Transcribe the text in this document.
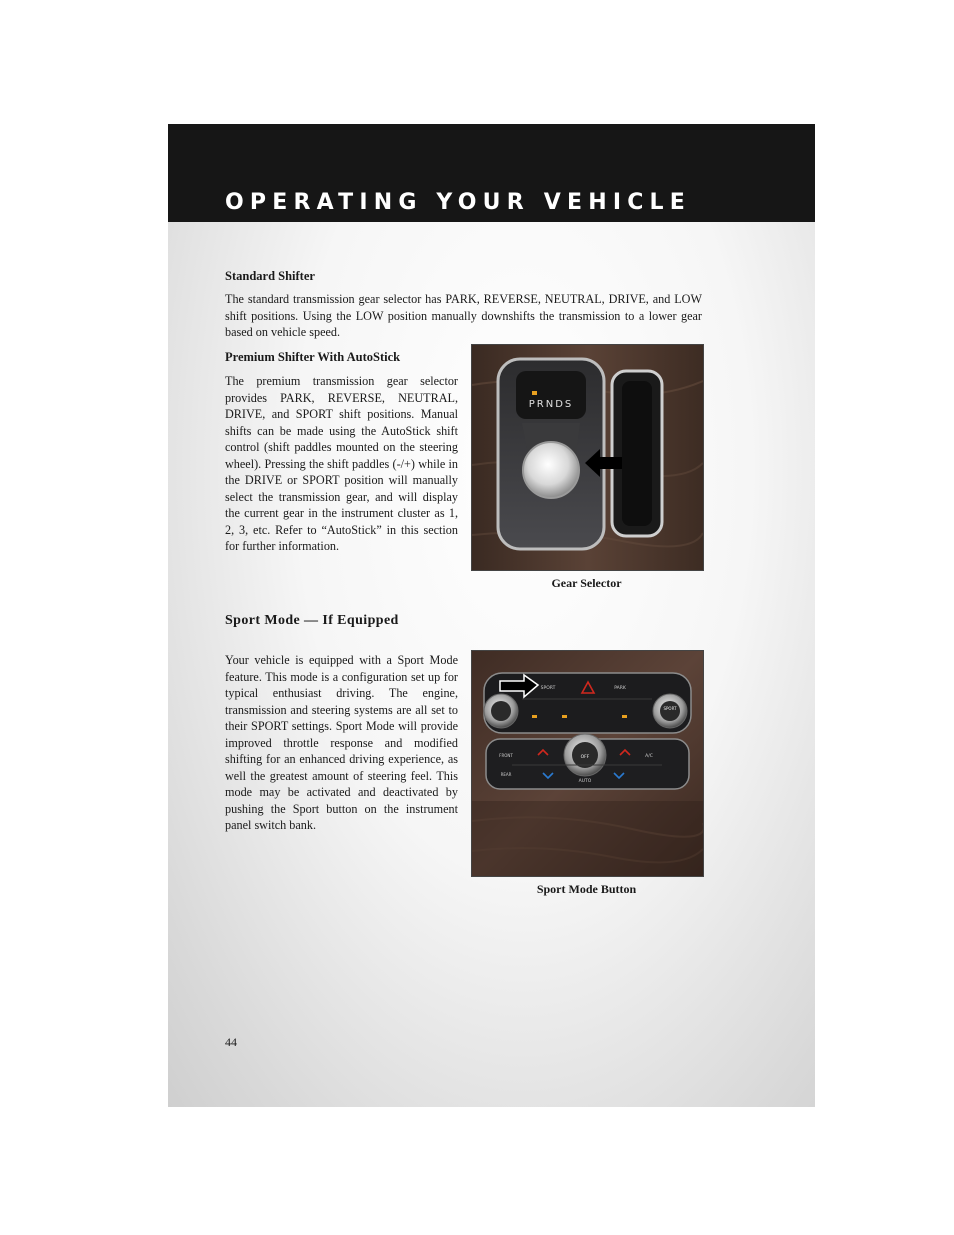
OPERATING YOUR VEHICLE
Standard Shifter
The standard transmission gear selector has PARK, REVERSE, NEUTRAL, DRIVE, and LOW shift positions. Using the LOW position manually downshifts the transmission to a lower gear based on vehicle speed.
Premium Shifter With AutoStick
The premium transmission gear selector provides PARK, REVERSE, NEUTRAL, DRIVE, and SPORT shift positions. Manual shifts can be made using the AutoStick shift control (shift paddles mounted on the steering wheel). Pressing the shift paddles (-/+) while in the DRIVE or SPORT position will manually select the transmission gear, and will display the current gear in the instrument cluster as 1, 2, 3, etc. Refer to “AutoStick” in this section for further information.
PRNDS
Gear Selector
Sport Mode — If Equipped
Your vehicle is equipped with a Sport Mode feature. This mode is a configuration set up for typical enthusiast driving. The engine, transmission and steering systems are all set to their SPORT settings. Sport Mode will provide improved throttle response and modified shifting for an enhanced driving experience, as well the greatest amount of steering feel. This mode may be activated and deactivated by pushing the Sport button on the instrument panel switch bank.
SPORT	PARK
SPORT
OFF
AUTO
A/C
FRONT
REAR
Sport Mode Button
44
